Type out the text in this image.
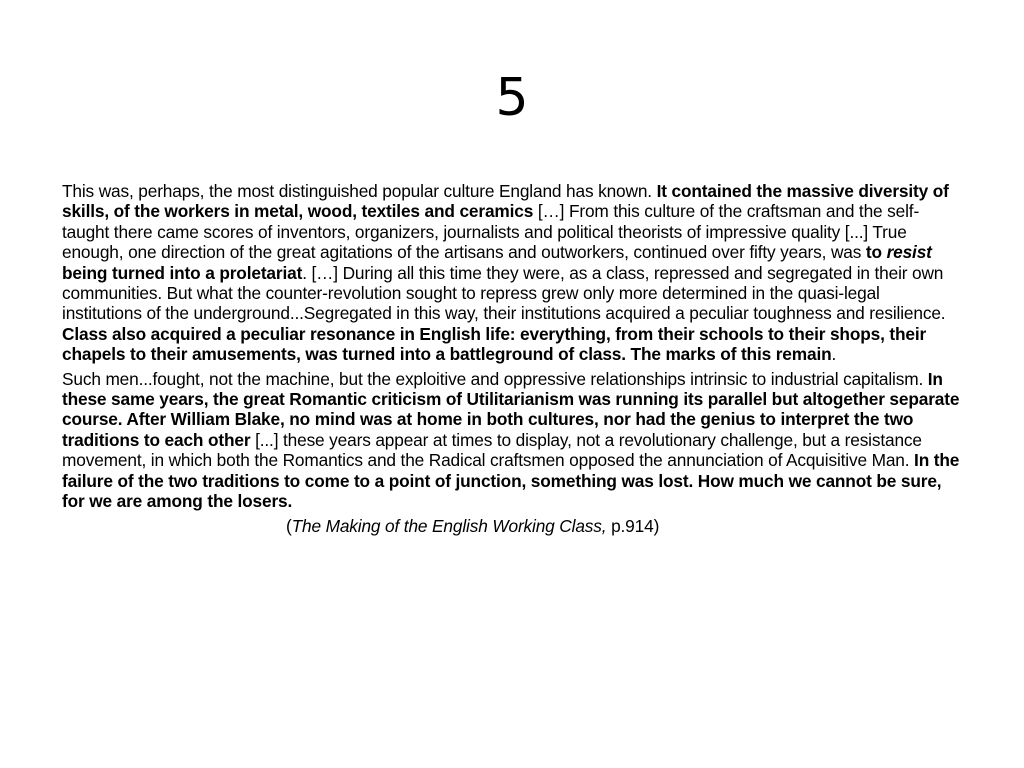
5

This was, perhaps, the most distinguished popular culture England has known. It contained the massive diversity of skills, of the workers in metal, wood, textiles and ceramics […] From this culture of the craftsman and the self-taught there came scores of inventors, organizers, journalists and political theorists of impressive quality [...] True enough, one direction of the great agitations of the artisans and outworkers, continued over fifty years, was to resist being turned into a proletariat. […] During all this time they were, as a class, repressed and segregated in their own communities. But what the counter-revolution sought to repress grew only more determined in the quasi-legal institutions of the underground...Segregated in this way, their institutions acquired a peculiar toughness and resilience. Class also acquired a peculiar resonance in English life: everything, from their schools to their shops, their chapels to their amusements, was turned into a battleground of class. The marks of this remain.

Such men...fought, not the machine, but the exploitive and oppressive relationships intrinsic to industrial capitalism. In these same years, the great Romantic criticism of Utilitarianism was running its parallel but altogether separate course. After William Blake, no mind was at home in both cultures, nor had the genius to interpret the two traditions to each other [...] these years appear at times to display, not a revolutionary challenge, but a resistance movement, in which both the Romantics and the Radical craftsmen opposed the annunciation of Acquisitive Man. In the failure of the two traditions to come to a point of junction, something was lost. How much we cannot be sure, for we are among the losers.

(The Making of the English Working Class, p.914)
